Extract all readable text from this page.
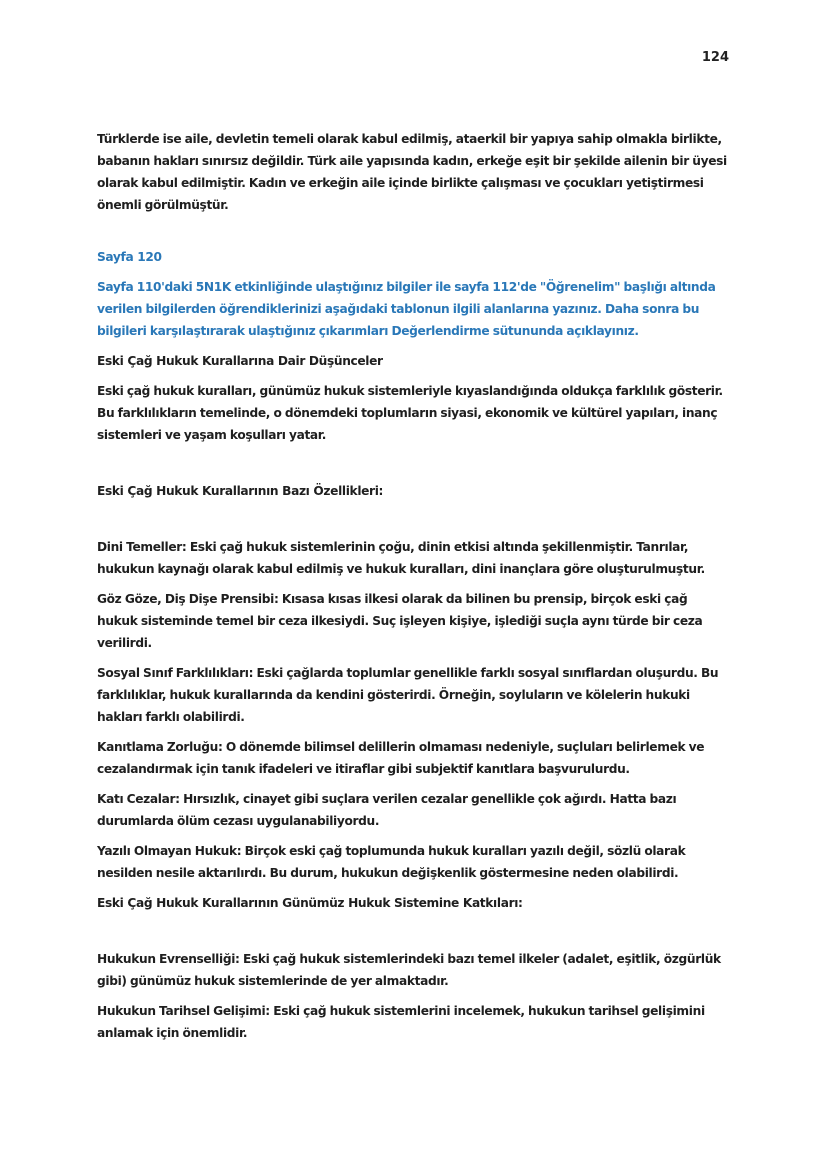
124

Türklerde ise aile, devletin temeli olarak kabul edilmiş, ataerkil bir yapıya sahip olmakla birlikte, babanın hakları sınırsız değildir. Türk aile yapısında kadın, erkeğe eşit bir şekilde ailenin bir üyesi olarak kabul edilmiştir. Kadın ve erkeğin aile içinde birlikte çalışması ve çocukları yetiştirmesi önemli görülmüştür.

Sayfa 120

Sayfa 110'daki 5N1K etkinliğinde ulaştığınız bilgiler ile sayfa 112'de "Öğrenelim" başlığı altında verilen bilgilerden öğrendiklerinizi aşağıdaki tablonun ilgili alanlarına yazınız. Daha sonra bu bilgileri karşılaştırarak ulaştığınız çıkarımları Değerlendirme sütununda açıklayınız.

Eski Çağ Hukuk Kurallarına Dair Düşünceler

Eski çağ hukuk kuralları, günümüz hukuk sistemleriyle kıyaslandığında oldukça farklılık gösterir. Bu farklılıkların temelinde, o dönemdeki toplumların siyasi, ekonomik ve kültürel yapıları, inanç sistemleri ve yaşam koşulları yatar.

Eski Çağ Hukuk Kurallarının Bazı Özellikleri:

Dini Temeller: Eski çağ hukuk sistemlerinin çoğu, dinin etkisi altında şekillenmiştir. Tanrılar, hukukun kaynağı olarak kabul edilmiş ve hukuk kuralları, dini inançlara göre oluşturulmuştur.

Göz Göze, Diş Dişe Prensibi: Kısasa kısas ilkesi olarak da bilinen bu prensip, birçok eski çağ hukuk sisteminde temel bir ceza ilkesiydi. Suç işleyen kişiye, işlediği suçla aynı türde bir ceza verilirdi.

Sosyal Sınıf Farklılıkları: Eski çağlarda toplumlar genellikle farklı sosyal sınıflardan oluşurdu. Bu farklılıklar, hukuk kurallarında da kendini gösterirdi. Örneğin, soyluların ve kölelerin hukuki hakları farklı olabilirdi.

Kanıtlama Zorluğu: O dönemde bilimsel delillerin olmaması nedeniyle, suçluları belirlemek ve cezalandırmak için tanık ifadeleri ve itiraflar gibi subjektif kanıtlara başvurulurdu.

Katı Cezalar: Hırsızlık, cinayet gibi suçlara verilen cezalar genellikle çok ağırdı. Hatta bazı durumlarda ölüm cezası uygulanabiliyordu.

Yazılı Olmayan Hukuk: Birçok eski çağ toplumunda hukuk kuralları yazılı değil, sözlü olarak nesilden nesile aktarılırdı. Bu durum, hukukun değişkenlik göstermesine neden olabilirdi.

Eski Çağ Hukuk Kurallarının Günümüz Hukuk Sistemine Katkıları:

Hukukun Evrenselliği: Eski çağ hukuk sistemlerindeki bazı temel ilkeler (adalet, eşitlik, özgürlük gibi) günümüz hukuk sistemlerinde de yer almaktadır.

Hukukun Tarihsel Gelişimi: Eski çağ hukuk sistemlerini incelemek, hukukun tarihsel gelişimini anlamak için önemlidir.
